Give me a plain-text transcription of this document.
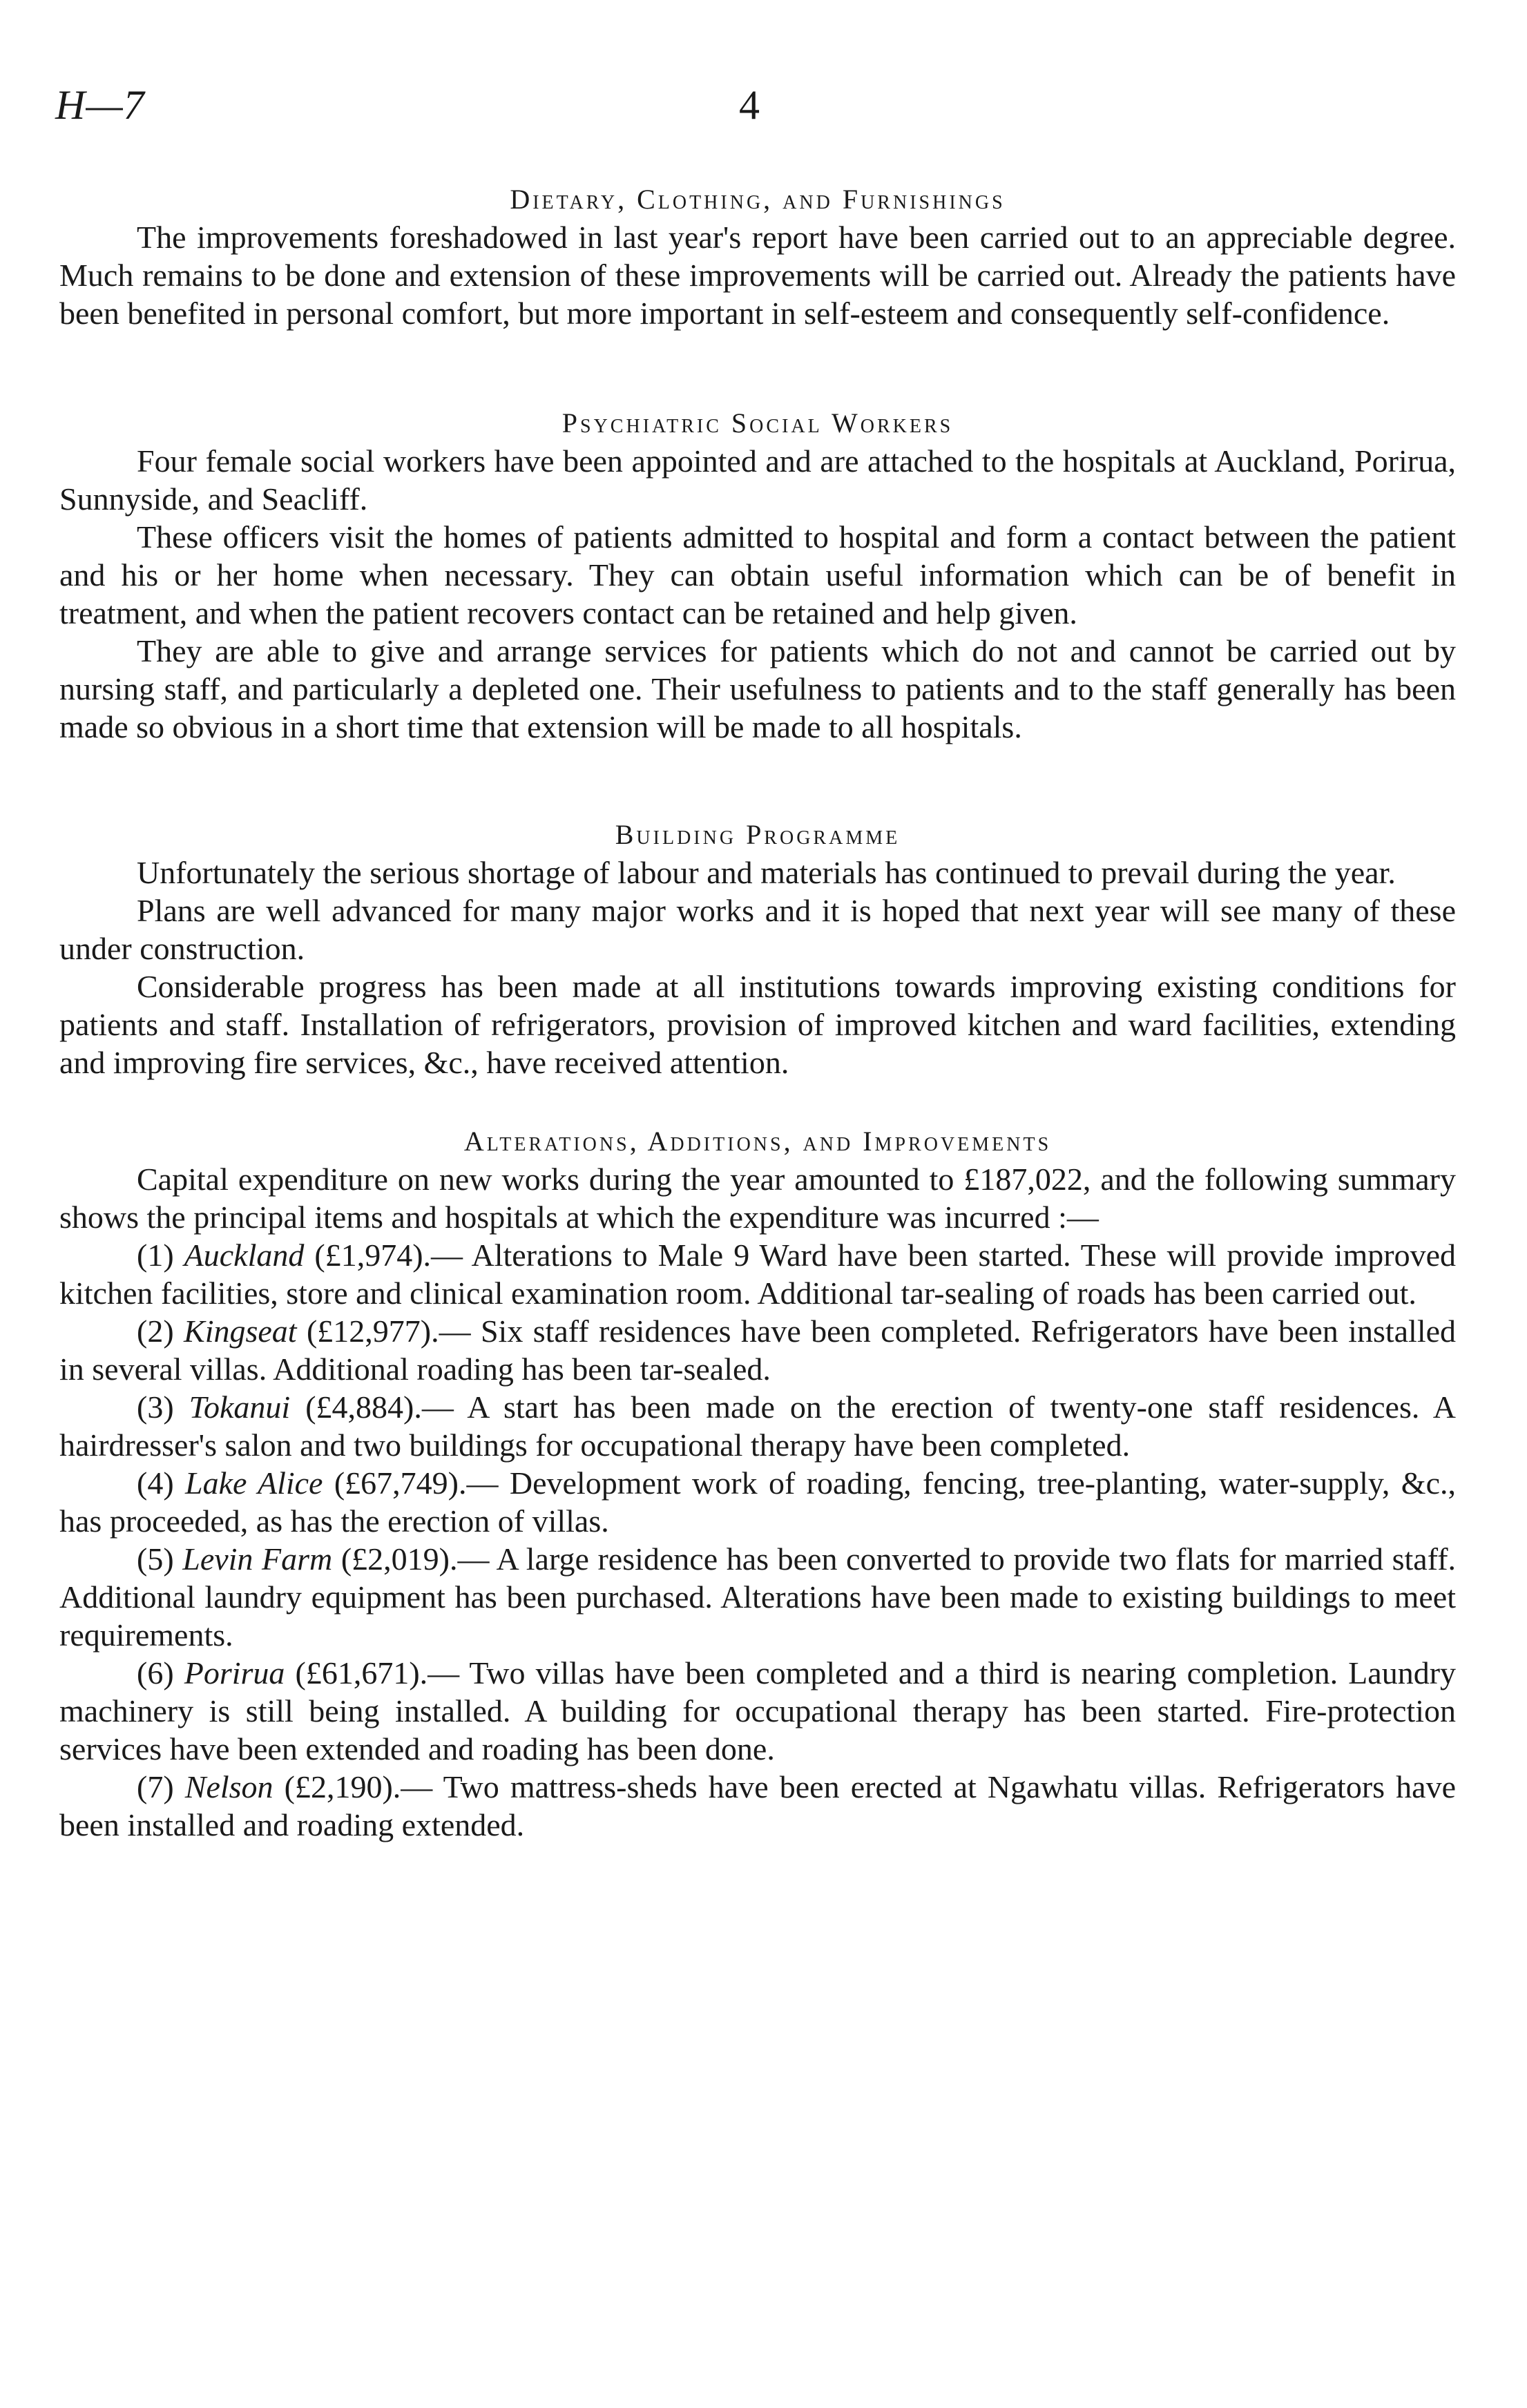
H—7	4
Dietary, Clothing, and Furnishings

The improvements foreshadowed in last year's report have been carried out to an appreciable degree. Much remains to be done and extension of these improvements will be carried out. Already the patients have been benefited in personal comfort, but more important in self-esteem and consequently self-confidence.

Psychiatric Social Workers

Four female social workers have been appointed and are attached to the hospitals at Auckland, Porirua, Sunnyside, and Seacliff.

These officers visit the homes of patients admitted to hospital and form a contact between the patient and his or her home when necessary. They can obtain useful information which can be of benefit in treatment, and when the patient recovers contact can be retained and help given.

They are able to give and arrange services for patients which do not and cannot be carried out by nursing staff, and particularly a depleted one. Their usefulness to patients and to the staff generally has been made so obvious in a short time that extension will be made to all hospitals.

Building Programme

Unfortunately the serious shortage of labour and materials has continued to prevail during the year.

Plans are well advanced for many major works and it is hoped that next year will see many of these under construction.

Considerable progress has been made at all institutions towards improving existing conditions for patients and staff. Installation of refrigerators, provision of improved kitchen and ward facilities, extending and improving fire services, &c., have received attention.

Alterations, Additions, and Improvements

Capital expenditure on new works during the year amounted to £187,022, and the following summary shows the principal items and hospitals at which the expenditure was incurred :—

(1) Auckland (£1,974).— Alterations to Male 9 Ward have been started. These will provide improved kitchen facilities, store and clinical examination room. Additional tar-sealing of roads has been carried out.

(2) Kingseat (£12,977).— Six staff residences have been completed. Refrigerators have been installed in several villas. Additional roading has been tar-sealed.

(3) Tokanui (£4,884).— A start has been made on the erection of twenty-one staff residences. A hairdresser's salon and two buildings for occupational therapy have been completed.

(4) Lake Alice (£67,749).— Development work of roading, fencing, tree-planting, water-supply, &c., has proceeded, as has the erection of villas.

(5) Levin Farm (£2,019).— A large residence has been converted to provide two flats for married staff. Additional laundry equipment has been purchased. Alterations have been made to existing buildings to meet requirements.

(6) Porirua (£61,671).— Two villas have been completed and a third is nearing completion. Laundry machinery is still being installed. A building for occupational therapy has been started. Fire-protection services have been extended and roading has been done.

(7) Nelson (£2,190).— Two mattress-sheds have been erected at Ngawhatu villas. Refrigerators have been installed and roading extended.
